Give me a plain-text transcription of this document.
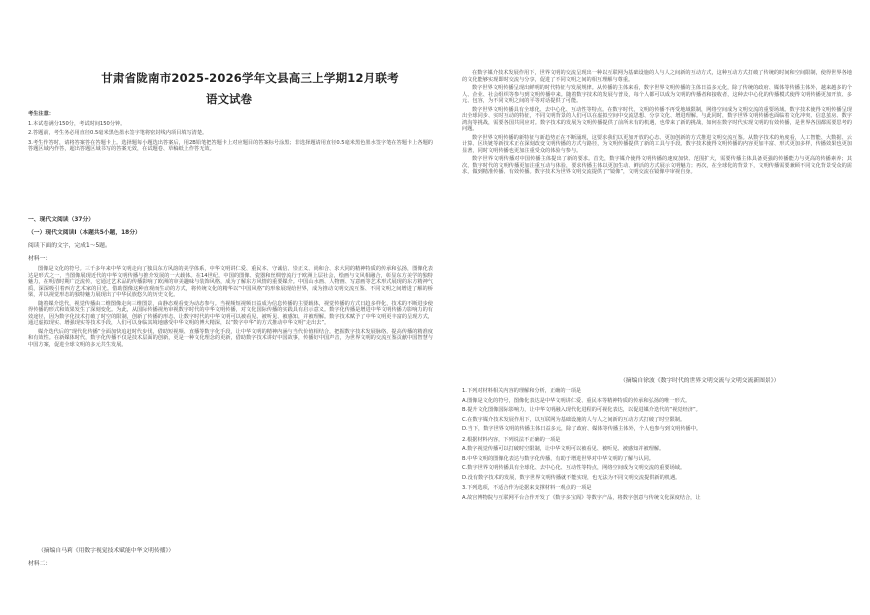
甘肃省陇南市2025-2026学年文县高三上学期12月联考
语文试卷

考生注意：

1.本试卷满分150分，考试时间150分钟。

2.答题前，考生务必用直径0.5毫米黑色墨水签字笔将密封线内项目填写清楚。

3.考生作答时，请将答案答在答题卡上。选择题每小题选出答案后，用2B铅笔把答题卡上对应题目的答案标号涂黑；非选择题请用直径0.5毫米黑色墨水签字笔在答题卡上各题的答题区域内作答，超出答题区域书写的答案无效，在试题卷、草稿纸上作答无效。

一、现代文阅读（37分）
（一）现代文阅读Ⅰ（本题共5小题，18分）
阅读下面的文字，完成1～5题。
材料一：

图像是文化的符号。三千多年来中华文明走向了独具东方风韵的美学体系，中华文明讲仁爱、重民本、守诚信、崇正义、尚和合、求大同的精神特质的传承和弘扬，图像化表达是形式之一，当图像展现近代的中华文明传播与推介发展的一大载体。在14世纪，中国的图像、瓷器和丝绸曾流行于欧洲上层社会，绘画与文风相融合，彰显东方美学的独特魅力，在明清时期广泛流传，它通过艺术品的传播影响了欧洲的审美趣味与装饰风格，成为了解东方风情的重要媒介。中国山水画、人物画、写意画等艺术形式展现的东方精神气质，深深吸引着西方艺术家的目光。借助图像这种直观而生动的方式，将传统文化的精华以“中国风格”的形象展现给世界，成为推动文明交流互鉴、不同文明之间增进了解的桥梁，并以视觉形态的独特魅力展现出了中华民族悠久的历史文化。

随着媒介迭代，视觉传播由二维图像走向三维图景，由静态观看变为动态参与。当视频短视频日益成为信息传播的主要载体，视觉传播的方式日趋多样化，技术的不断进步使得传播的形式和效果发生了深刻变化。为此，从国际传播视角审视数字时代的中华文明传播，对文化国际传播的实践具有启示意义。数字化传播是增进中华文明传播力影响力的有效途径，因为数字化技术打破了时空的限制，创新了传播的形态，让数字时代的中华文明可以被看见、被听见、被感知，并被理解。数字技术赋予了中华文明更丰富的呈现方式，通过虚拟现实、增强现实等技术手段，人们可以身临其境地感受中华文明的博大精深，以“数字中华”的方式推动中华文明“走出去”。

媒介迭代后的“现代化传播”全面加快追赶时代步伐，借助短视频、直播等数字化手段，让中华文明的精神内涵与当代价值相结合，把握数字技术发展脉络，提高传播的精准度和有效性。在新媒体时代，数字化传播不仅是技术层面的创新，更是一种文化理念的更新，借助数字技术讲好中国故事，传播好中国声音，为世界文明的交流互鉴贡献中国智慧与中国方案，促进全球文明的多元共生发展。

（摘编自马莉《用数字视觉技术赋能中华文明传播》）
材料二：

在数字媒介技术发展作用下，世界文明的交流呈现出一种以互联网为基础设施的人与人之间新的互动方式，这种互动方式打破了传统的时间和空间限制，使得世界各地的文化能够实现即时交流与分享，促进了不同文明之间的相互理解与尊重。

数字世界文明传播呈现出鲜明的时代特征与发展规律。从传播的主体来看，数字世界文明传播的主体日益多元化，除了传统的政府、媒体等传播主体外，越来越多的个人、企业、社会组织等参与到文明传播中来。随着数字技术的发展与普及，每个人都可以成为文明的传播者和接收者，这种去中心化的传播模式使得文明传播更加开放、多元、包容，为不同文明之间的平等对话提供了可能。

数字世界文明传播具有全球化、去中心化、互动性等特点。在数字时代，文明的传播不再受地域限制，网络空间成为文明交流的重要场域。数字技术使得文明传播呈现出全球同步、实时互动的特征，不同文明背景的人们可以在虚拟空间中交流思想、分享文化、增进理解。与此同时，数字世界文明传播也面临着文化冲突、信息茧房、数字鸿沟等挑战，需要各国共同应对。数字技术的发展为文明传播提供了前所未有的机遇，也带来了新的挑战，如何在数字时代实现文明的有效传播，是世界各国都需要思考的问题。

数字世界文明传播的新特征与新趋势正在不断涌现，这要求我们以更加开放的心态、更加创新的方式推进文明交流互鉴。从数字技术的角度看，人工智能、大数据、云计算、区块链等新技术正在深刻改变文明传播的方式与路径，为文明传播提供了新的工具与手段。数字技术使得文明传播的内容更加丰富、形式更加多样，传播效果也更加显著，同时文明传播也更加注重受众的体验与参与。

数字世界文明传播对中国传播主体提出了新的要求。首先，数字媒介使得文明传播的速度加快、范围扩大，需要传播主体具备更强的传播能力与更高的传播素养；其次，数字时代的文明传播更加注重互动与体验，要求传播主体以更加生动、鲜活的方式展示文明魅力；再次，在全球化的背景下，文明传播需要兼顾不同文化背景受众的需求，做到精准传播、有效传播。数字技术为世界文明交流提供了“镜像”，文明交流在镜像中审视自身。

（摘编自徐波《数字时代的世界文明交流与文明交流新图景》）
1.下列对材料相关内容的理解和分析，正确的一项是
A.图像是文化的符号，图像化表达是中华文明讲仁爱、重民本等精神特质的传承和弘扬的唯一形式。
B.提升文化图像国际影响力，让中华文明融入现代化进程的可视化表达，以促进媒介迭代的“视觉经济”。
C.在数字媒介技术发展作用下，以互联网为基础设施的人与人之间新的互动方式打破了时空限制。
D.当下，数字世界文明的传播主体日益多元，除了政府、媒体等传播主体外，个人也参与到文明传播中。
2.根据材料内容，下列说法不正确的一项是
A.数字视觉传播可以打破时空限制，让中华文明可以被看见、被听见、被感知并被理解。
B.中华文明的图像化表达与数字化传播，有助于增进世界对中华文明的了解与认同。
C.数字世界文明传播具有全球化、去中心化、互动性等特点，网络空间成为文明交流的重要场域。
D.没有数字技术的发展，数字世界文明传播就不能实现，也无法为不同文明交流提供新的机遇。
3.下列选项，不适合作为论据来支撑材料一观点的一项是
A.故宫博物院与互联网平台合作开发了《数字多宝阁》等数字产品，将数字创意与传统文化深度结合，让
